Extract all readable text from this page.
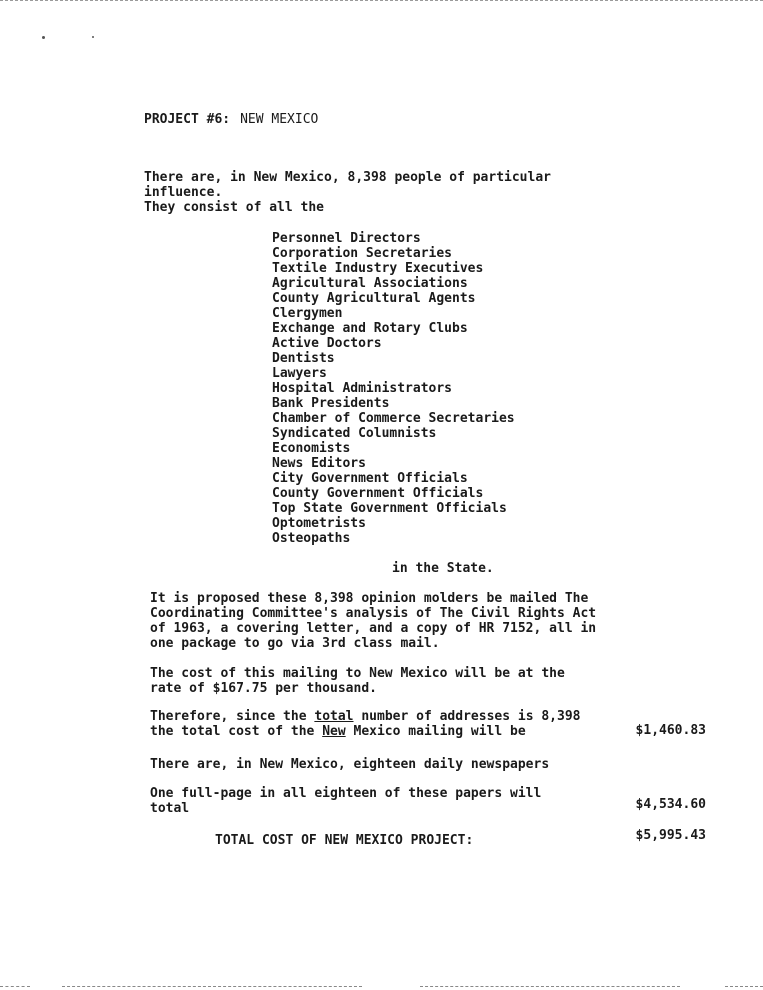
PROJECT #6: NEW MEXICO
There are, in New Mexico, 8,398 people of particular
influence.
They consist of all the
Personnel Directors
Corporation Secretaries
Textile Industry Executives
Agricultural Associations
County Agricultural Agents
Clergymen
Exchange and Rotary Clubs
Active Doctors
Dentists
Lawyers
Hospital Administrators
Bank Presidents
Chamber of Commerce Secretaries
Syndicated Columnists
Economists
News Editors
City Government Officials
County Government Officials
Top State Government Officials
Optometrists
Osteopaths
in the State.
It is proposed these 8,398 opinion molders be mailed The
Coordinating Committee's analysis of The Civil Rights Act
of 1963, a covering letter, and a copy of HR 7152, all in
one package to go via 3rd class mail.
The cost of this mailing to New Mexico will be at the
rate of $167.75 per thousand.
Therefore, since the total number of addresses is 8,398
the total cost of the New Mexico mailing will be	$1,460.83
There are, in New Mexico, eighteen daily newspapers
One full-page in all eighteen of these papers will
total	$4,534.60
TOTAL COST OF NEW MEXICO PROJECT:	$5,995.43
